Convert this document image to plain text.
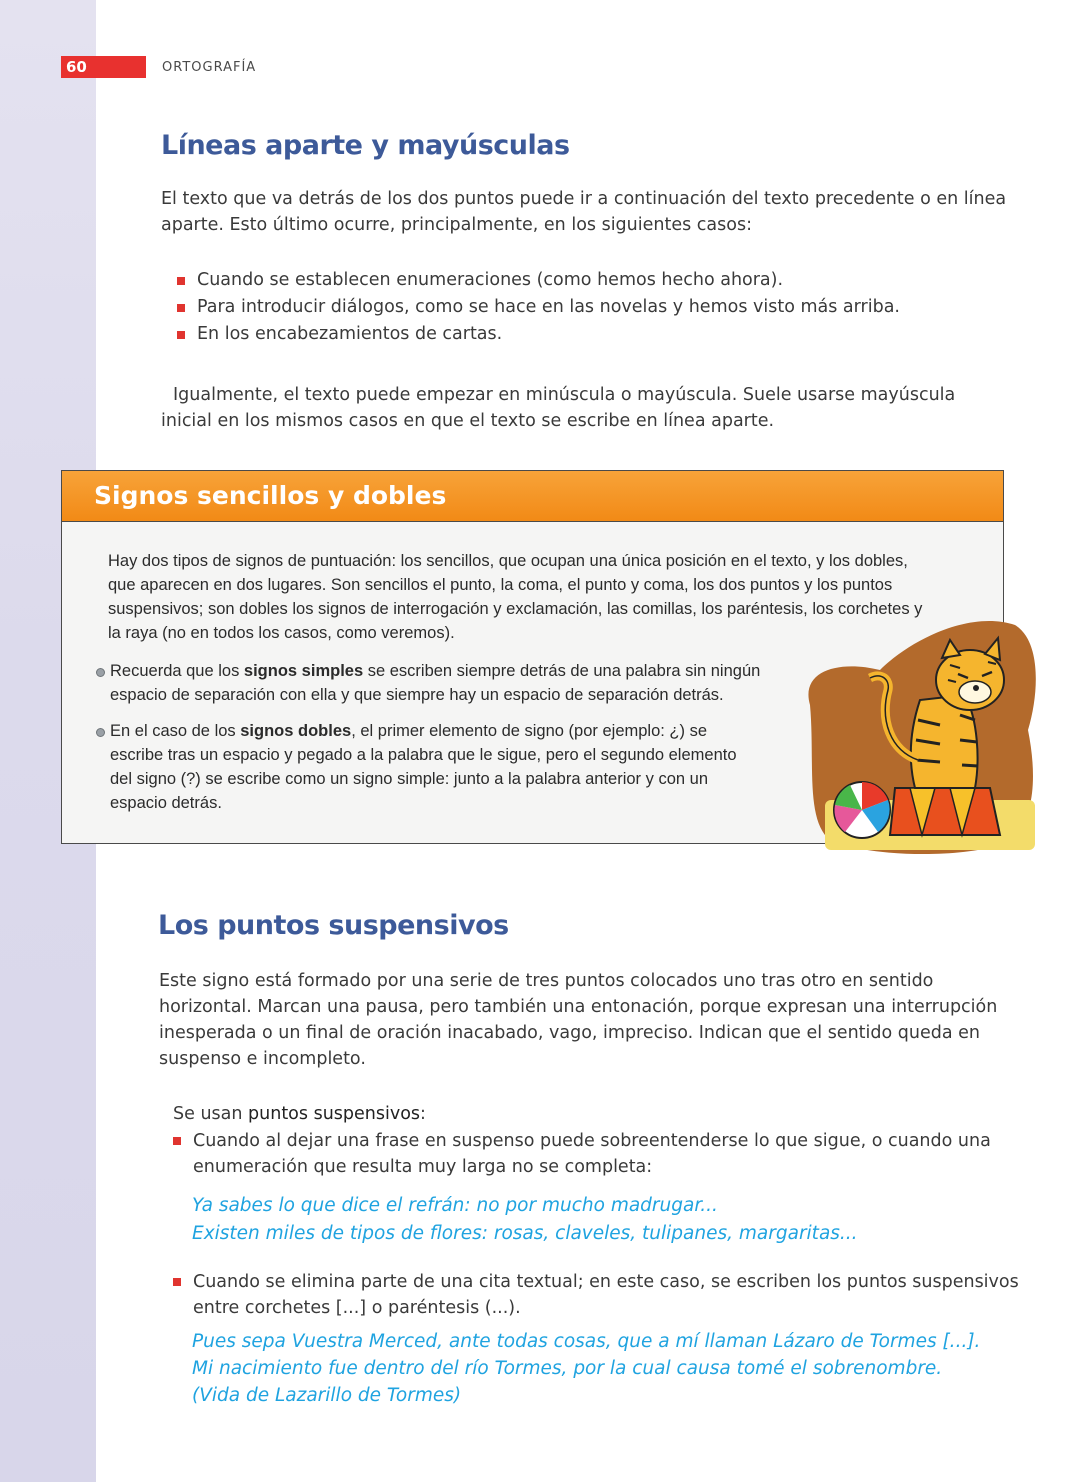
60	ORTOGRAFÍA
Líneas aparte y mayúsculas
El texto que va detrás de los dos puntos puede ir a continuación del texto precedente o en línea aparte. Esto último ocurre, principalmente, en los siguientes casos:
Cuando se establecen enumeraciones (como hemos hecho ahora).
Para introducir diálogos, como se hace en las novelas y hemos visto más arriba.
En los encabezamientos de cartas.
Igualmente, el texto puede empezar en minúscula o mayúscula. Suele usarse mayúscula inicial en los mismos casos en que el texto se escribe en línea aparte.
Signos sencillos y dobles
Hay dos tipos de signos de puntuación: los sencillos, que ocupan una única posición en el texto, y los dobles, que aparecen en dos lugares. Son sencillos el punto, la coma, el punto y coma, los dos puntos y los puntos suspensivos; son dobles los signos de interrogación y exclamación, las comillas, los paréntesis, los corchetes y la raya (no en todos los casos, como veremos).
Recuerda que los signos simples se escriben siempre detrás de una palabra sin ningún espacio de separación con ella y que siempre hay un espacio de separación detrás.
En el caso de los signos dobles, el primer elemento de signo (por ejemplo: ¿) se escribe tras un espacio y pegado a la palabra que le sigue, pero el segundo elemento del signo (?) se escribe como un signo simple: junto a la palabra anterior y con un espacio detrás.
Los puntos suspensivos
Este signo está formado por una serie de tres puntos colocados uno tras otro en sentido horizontal. Marcan una pausa, pero también una entonación, porque expresan una interrupción inesperada o un final de oración inacabado, vago, impreciso. Indican que el sentido queda en suspenso e incompleto.
Se usan puntos suspensivos:
Cuando al dejar una frase en suspenso puede sobreentenderse lo que sigue, o cuando una enumeración que resulta muy larga no se completa:
Ya sabes lo que dice el refrán: no por mucho madrugar...
Existen miles de tipos de flores: rosas, claveles, tulipanes, margaritas...
Cuando se elimina parte de una cita textual; en este caso, se escriben los puntos suspensivos entre corchetes [...] o paréntesis (...).
Pues sepa Vuestra Merced, ante todas cosas, que a mí llaman Lázaro de Tormes [...].
Mi nacimiento fue dentro del río Tormes, por la cual causa tomé el sobrenombre.
(Vida de Lazarillo de Tormes)
